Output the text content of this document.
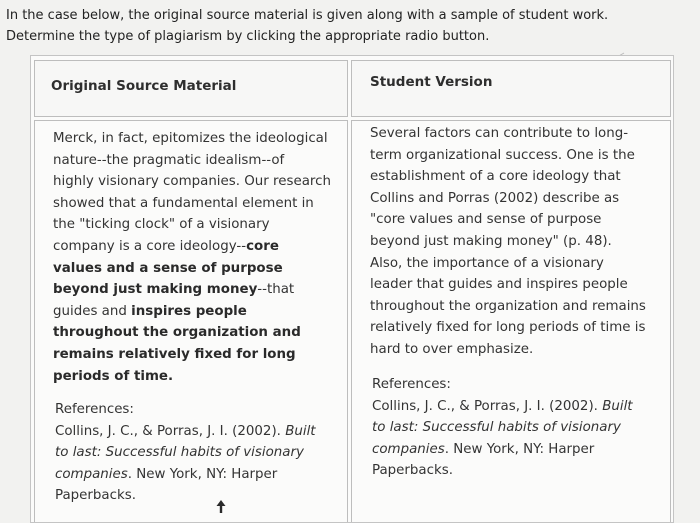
In the case below, the original source material is given along with a sample of student work.
Determine the type of plagiarism by clicking the appropriate radio button.
Original Source Material	Student Version
Merck, in fact, epitomizes the ideological
nature--the pragmatic idealism--of
highly visionary companies. Our research
showed that a fundamental element in
the "ticking clock" of a visionary
company is a core ideology--core
values and a sense of purpose
beyond just making money--that
guides and inspires people
throughout the organization and
remains relatively fixed for long
periods of time.
References:
Collins, J. C., & Porras, J. I. (2002). Built
to last: Successful habits of visionary
companies. New York, NY: Harper
Paperbacks.
Several factors can contribute to long-
term organizational success. One is the
establishment of a core ideology that
Collins and Porras (2002) describe as
"core values and sense of purpose
beyond just making money" (p. 48).
Also, the importance of a visionary
leader that guides and inspires people
throughout the organization and remains
relatively fixed for long periods of time is
hard to over emphasize.
References:
Collins, J. C., & Porras, J. I. (2002). Built
to last: Successful habits of visionary
companies. New York, NY: Harper
Paperbacks.
